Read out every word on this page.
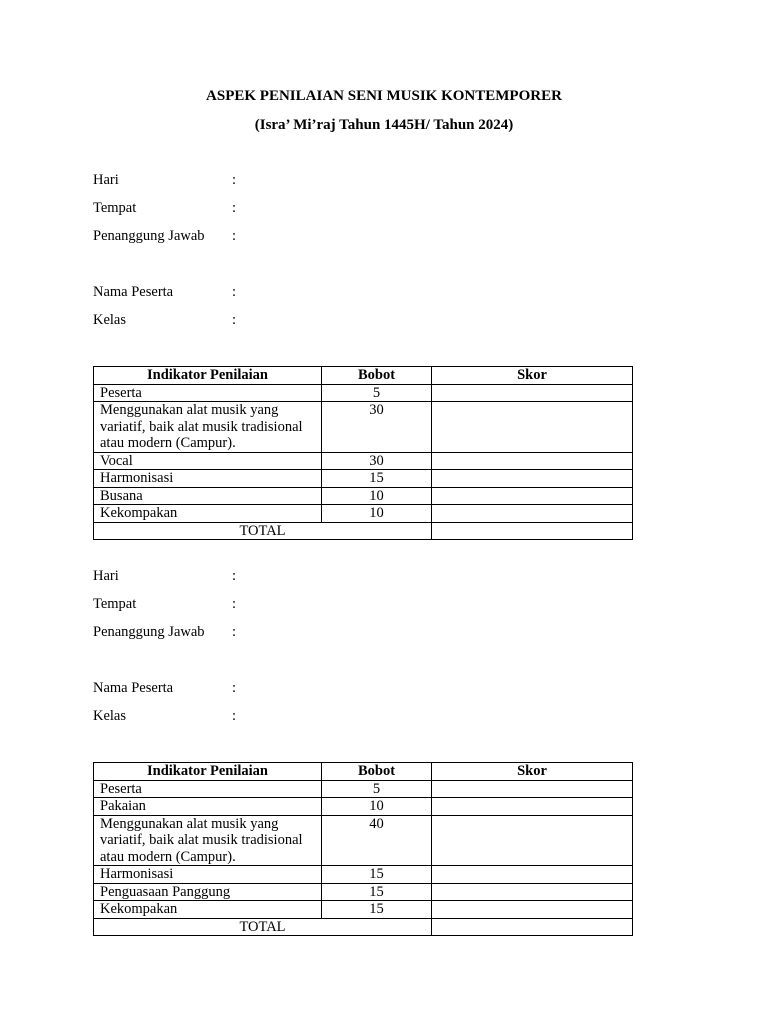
ASPEK PENILAIAN SENI MUSIK KONTEMPORER
(Isra’ Mi’raj Tahun 1445H/ Tahun 2024)
Hari	:
Tempat	:
Penanggung Jawab :
Nama Peserta	:
Kelas	:
Indikator Penilaian	Bobot	Skor
Peserta	5	
Menggunakan alat musik yang variatif, baik alat musik tradisional atau modern (Campur).	30	
Vocal	30	
Harmonisasi	15	
Busana	10	
Kekompakan	10	
TOTAL		
Hari	:
Tempat	:
Penanggung Jawab :
Nama Peserta	:
Kelas	:
Indikator Penilaian	Bobot	Skor
Peserta	5	
Pakaian	10	
Menggunakan alat musik yang variatif, baik alat musik tradisional atau modern (Campur).	40	
Harmonisasi	15	
Penguasaan Panggung	15	
Kekompakan	15	
TOTAL		
